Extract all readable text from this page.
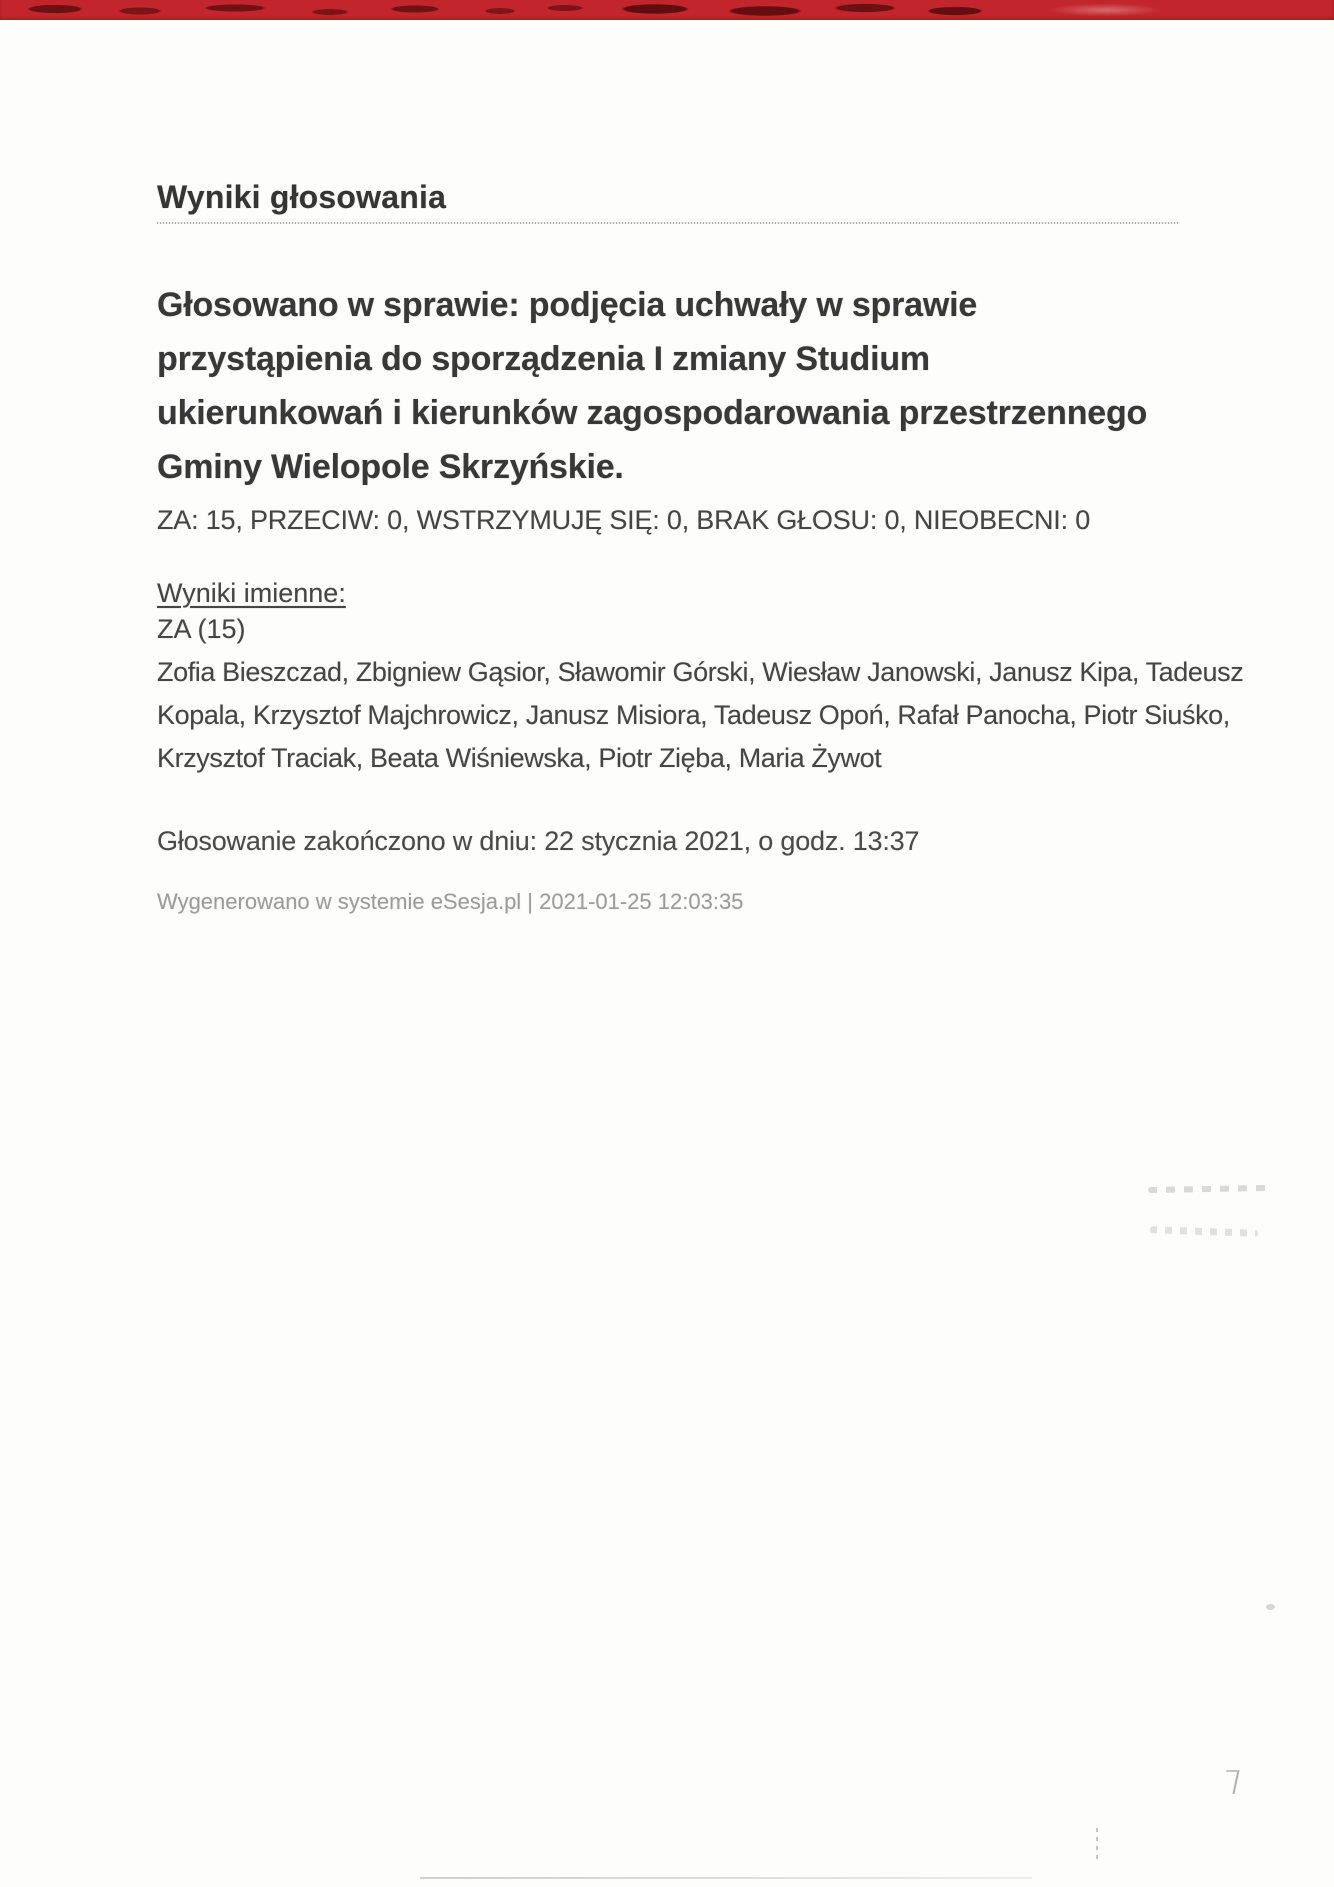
Wyniki głosowania
Głosowano w sprawie: podjęcia uchwały w sprawie przystąpienia do sporządzenia I zmiany Studium ukierunkowań i kierunków zagospodarowania przestrzennego Gminy Wielopole Skrzyńskie.
ZA: 15, PRZECIW: 0, WSTRZYMUJĘ SIĘ: 0, BRAK GŁOSU: 0, NIEOBECNI: 0
Wyniki imienne:
ZA (15)
Zofia Bieszczad, Zbigniew Gąsior, Sławomir Górski, Wiesław Janowski, Janusz Kipa, Tadeusz Kopala, Krzysztof Majchrowicz, Janusz Misiora, Tadeusz Opoń, Rafał Panocha, Piotr Siuśko, Krzysztof Traciak, Beata Wiśniewska, Piotr Zięba, Maria Żywot
Głosowanie zakończono w dniu: 22 stycznia 2021, o godz. 13:37
Wygenerowano w systemie eSesja.pl | 2021-01-25 12:03:35
